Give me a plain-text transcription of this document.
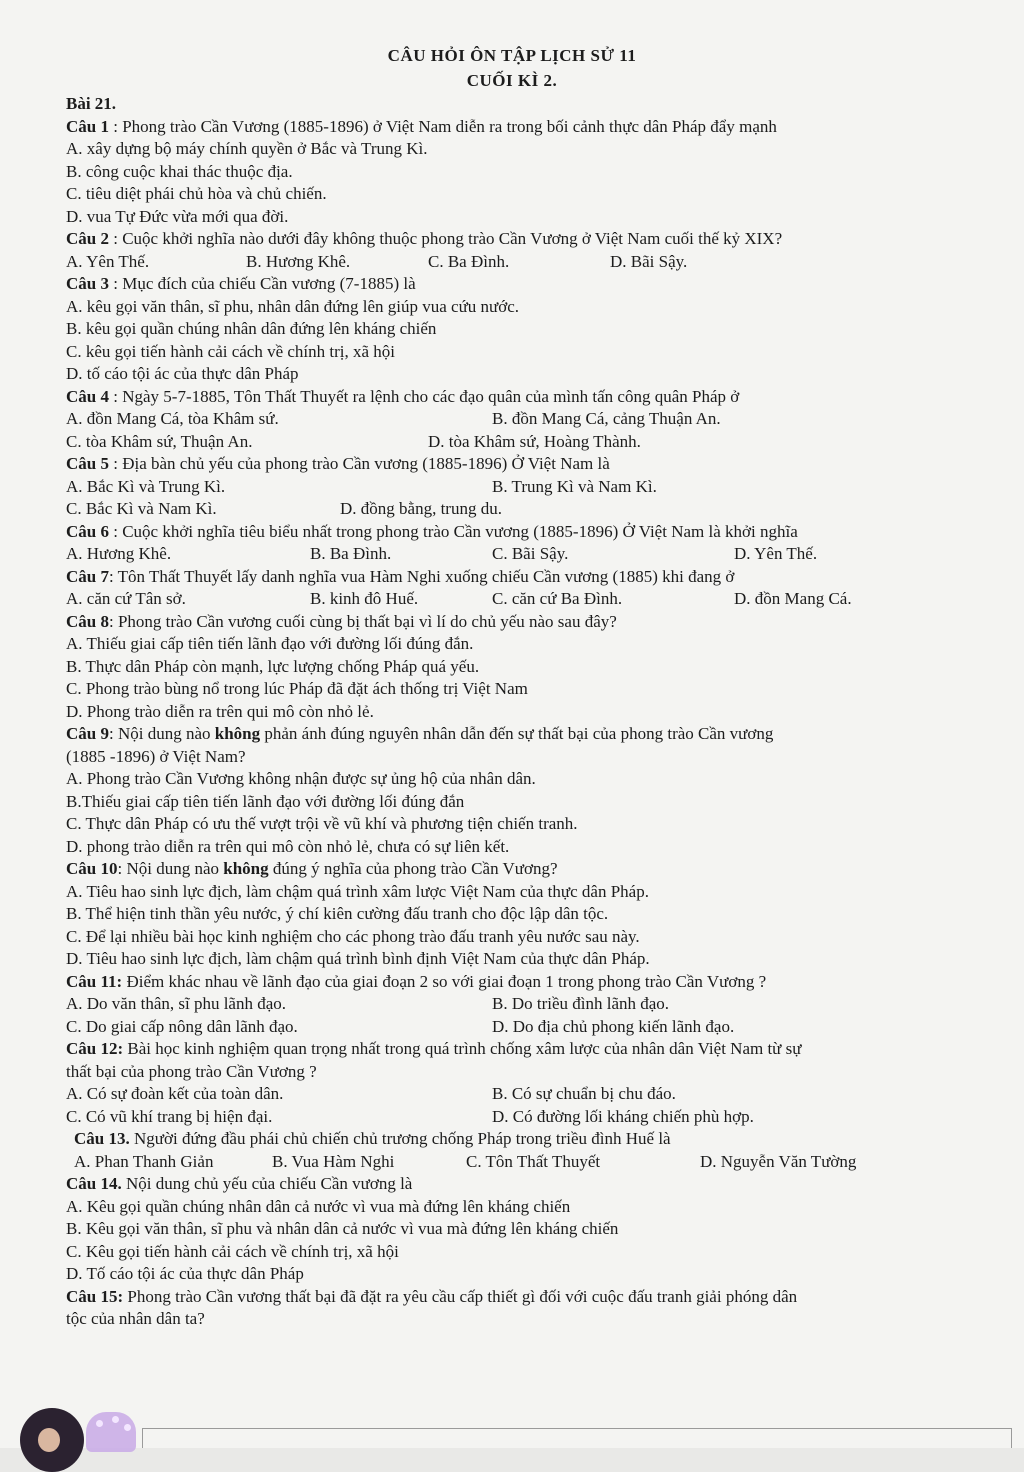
CÂU HỎI ÔN TẬP LỊCH SỬ 11
CUỐI KÌ 2.
Bài 21.
Câu 1 : Phong trào Cần Vương (1885-1896) ở Việt Nam diễn ra trong bối cảnh thực dân Pháp đẩy mạnh
A. xây dựng bộ máy chính quyền ở Bắc và Trung Kì.
B. công cuộc khai thác thuộc địa.
C. tiêu diệt phái chủ hòa và chủ chiến.
D. vua Tự Đức vừa mới qua đời.
Câu 2 : Cuộc khởi nghĩa nào dưới đây không thuộc phong trào Cần Vương ở Việt Nam cuối thế kỷ XIX?
A. Yên Thế.	B. Hương Khê.	C. Ba Đình.	D. Bãi Sậy.
Câu 3 : Mục đích của chiếu Cần vương (7-1885) là
A. kêu gọi văn thân, sĩ phu, nhân dân đứng lên giúp vua cứu nước.
B. kêu gọi quần chúng nhân dân đứng lên kháng chiến
C. kêu gọi tiến hành cải cách về chính trị, xã hội
D. tố cáo tội ác của thực dân Pháp
Câu 4 : Ngày 5-7-1885, Tôn Thất Thuyết ra lệnh cho các đạo quân của mình tấn công quân Pháp ở
A. đồn Mang Cá, tòa Khâm sứ.	B. đồn Mang Cá, cảng Thuận An.
C. tòa Khâm sứ, Thuận An.	D. tòa Khâm sứ, Hoàng Thành.
Câu 5 : Địa bàn chủ yếu của phong trào Cần vương (1885-1896) Ở Việt Nam là
A. Bắc Kì và Trung Kì.	B. Trung Kì và Nam Kì.
C. Bắc Kì và Nam Kì.	D. đồng bằng, trung du.
Câu 6 : Cuộc khởi nghĩa tiêu biểu nhất trong phong trào Cần vương (1885-1896) Ở Việt Nam là khởi nghĩa
A. Hương Khê.	B. Ba Đình.	C. Bãi Sậy.	D. Yên Thế.
Câu 7: Tôn Thất Thuyết lấy danh nghĩa vua Hàm Nghi xuống chiếu Cần vương (1885) khi đang ở
A. căn cứ Tân sở.	B. kinh đô Huế.	C. căn cứ Ba Đình.	D. đồn Mang Cá.
Câu 8: Phong trào Cần vương cuối cùng bị thất bại vì lí do chủ yếu nào sau đây?
A. Thiếu giai cấp tiên tiến lãnh đạo với đường lối đúng đắn.
B. Thực dân Pháp còn mạnh, lực lượng chống Pháp quá yếu.
C. Phong trào bùng nổ trong lúc Pháp đã đặt ách thống trị Việt Nam
D. Phong trào diễn ra trên qui mô còn nhỏ lẻ.
Câu 9: Nội dung nào không phản ánh đúng nguyên nhân dẫn đến sự thất bại của phong trào Cần vương
(1885 -1896) ở Việt Nam?
A. Phong trào Cần Vương không nhận được sự ủng hộ của nhân dân.
B.Thiếu giai cấp tiên tiến lãnh đạo với đường lối đúng đắn
C. Thực dân Pháp có ưu thế vượt trội về vũ khí và phương tiện chiến tranh.
D. phong trào diễn ra trên qui mô còn nhỏ lẻ, chưa có sự liên kết.
Câu 10: Nội dung nào không đúng ý nghĩa của phong trào Cần Vương?
A. Tiêu hao sinh lực địch, làm chậm quá trình xâm lược Việt Nam của thực dân Pháp.
B. Thể hiện tinh thần yêu nước, ý chí kiên cường đấu tranh cho độc lập dân tộc.
C. Để lại nhiều bài học kinh nghiệm cho các phong trào đấu tranh yêu nước sau này.
D. Tiêu hao sinh lực địch, làm chậm quá trình bình định Việt Nam của thực dân Pháp.
Câu 11: Điểm khác nhau về lãnh đạo của giai đoạn 2 so với giai đoạn 1 trong phong trào Cần Vương ?
A. Do văn thân, sĩ phu lãnh đạo.	B. Do triều đình lãnh đạo.
C. Do giai cấp nông dân lãnh đạo.	D. Do địa chủ phong kiến lãnh đạo.
Câu 12: Bài học kinh nghiệm quan trọng nhất trong quá trình chống xâm lược của nhân dân Việt Nam từ sự
thất bại của phong trào Cần Vương ?
A. Có sự đoàn kết của toàn dân.	B. Có sự chuẩn bị chu đáo.
C. Có vũ khí trang bị hiện đại.	D. Có đường lối kháng chiến phù hợp.
Câu 13. Người đứng đầu phái chủ chiến chủ trương chống Pháp trong triều đình Huế là
A. Phan Thanh Giản	B. Vua Hàm Nghi	C. Tôn Thất Thuyết	D. Nguyễn Văn Tường
Câu 14. Nội dung chủ yếu của chiếu Cần vương là
A. Kêu gọi quần chúng nhân dân cả nước vì vua mà đứng lên kháng chiến
B. Kêu gọi văn thân, sĩ phu và nhân dân cả nước vì vua mà đứng lên kháng chiến
C. Kêu gọi tiến hành cải cách về chính trị, xã hội
D. Tố cáo tội ác của thực dân Pháp
Câu 15: Phong trào Cần vương thất bại đã đặt ra yêu cầu cấp thiết gì đối với cuộc đấu tranh giải phóng dân
tộc của nhân dân ta?
